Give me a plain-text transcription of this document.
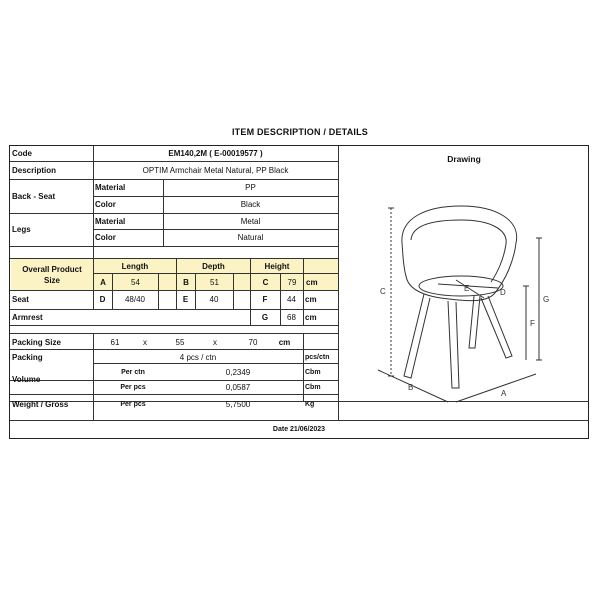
ITEM DESCRIPTION / DETAILS
Code	EM140,2M ( E-00019577 )
Description	OPTIM Armchair Metal Natural, PP Black
Back - Seat
Material	PP
Color	Black
Legs
Material	Metal
Color	Natural
Overall Product
Size
Length	Depth	Height
A	54	B	51	C	79	cm
Seat	D	48/40	E	40	F	44	cm
Armrest	G	68	cm
Packing Size	61	x	55	x	70	cm
Packing	4 pcs / ctn	pcs/ctn
Volume
Per ctn	0,2349	Cbm
Per pcs	0,0587	Cbm
Weight / Gross	Per pcs	5,7500	Kg
Drawing
C
G
F
E	D
B
A
Date 21/06/2023
